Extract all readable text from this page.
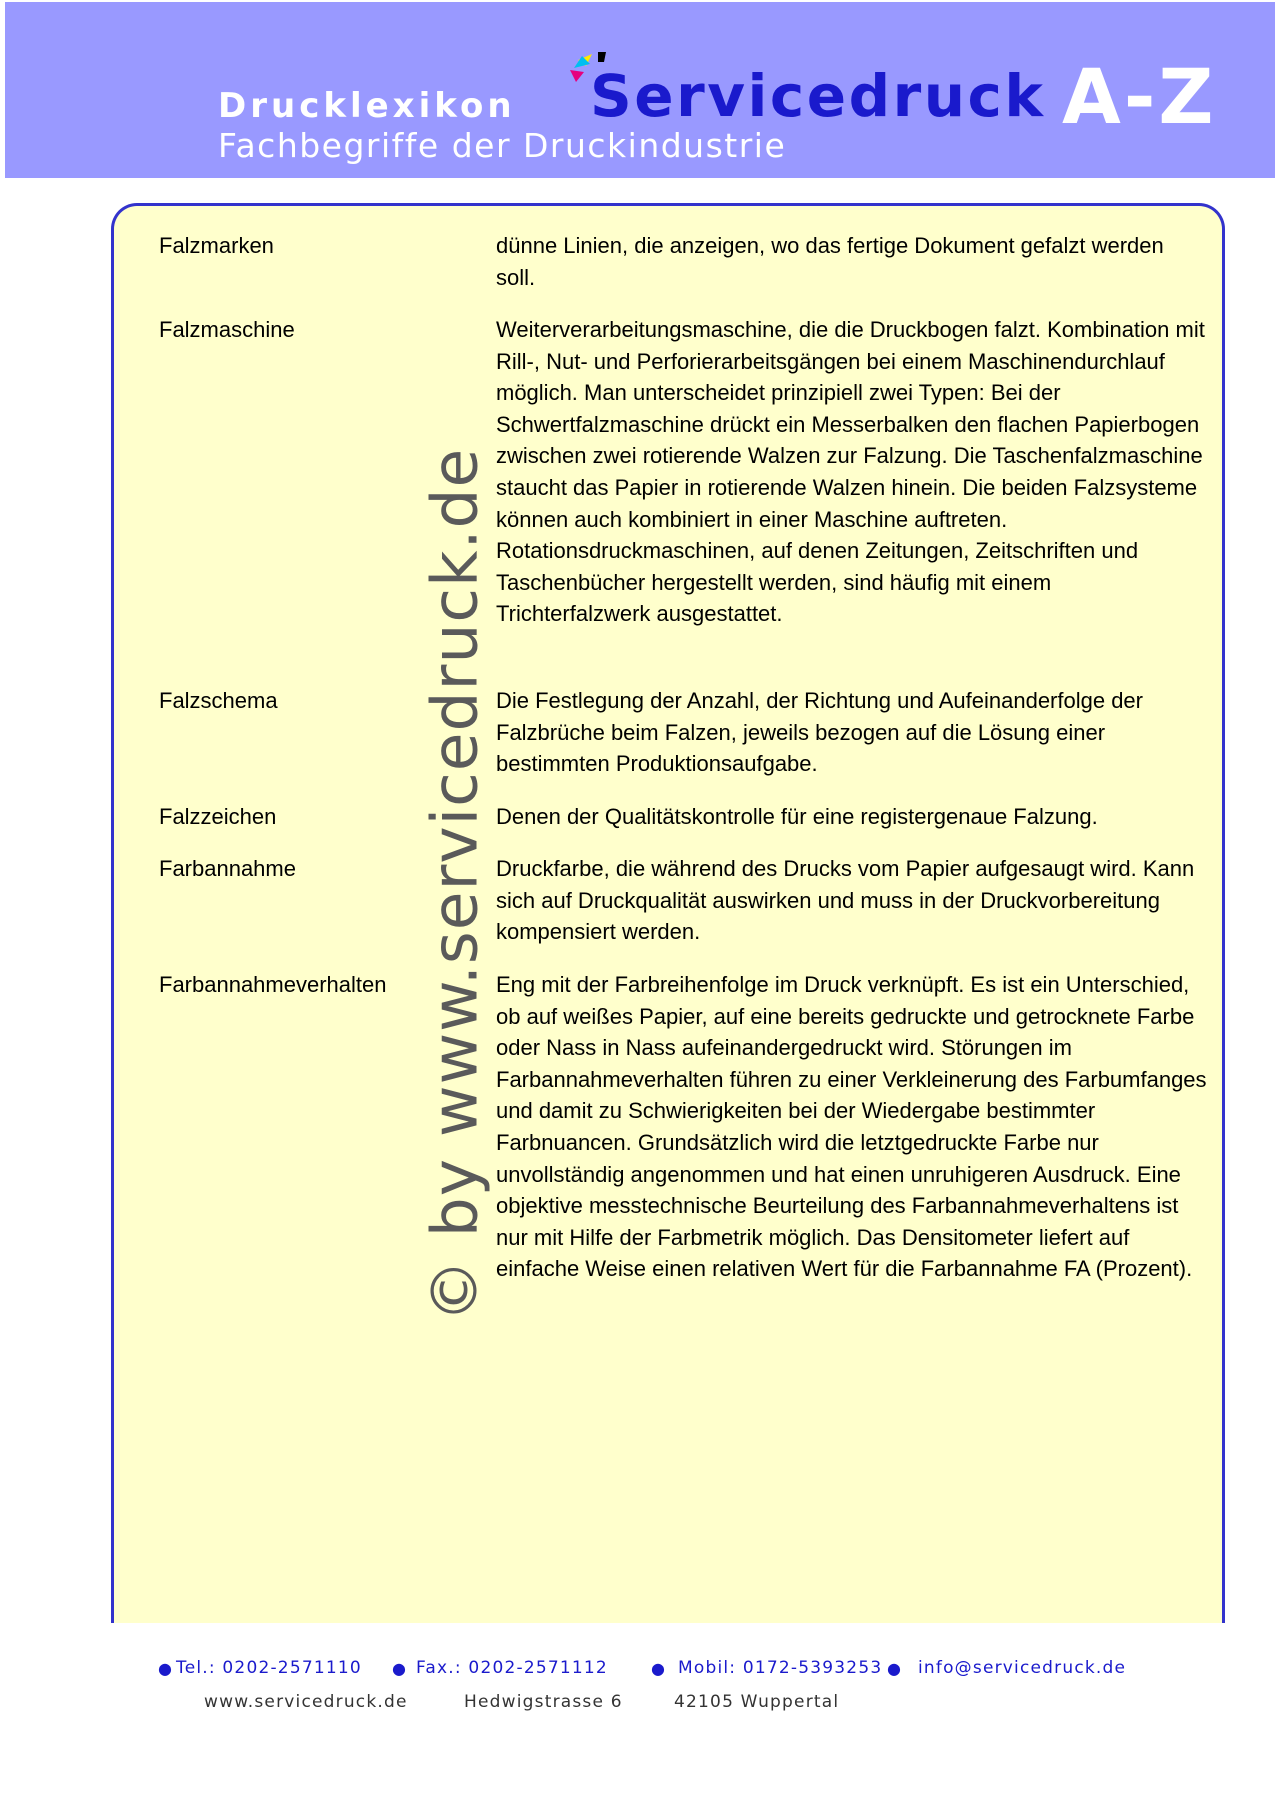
Drucklexikon
Fachbegriffe der Druckindustrie
Servicedruck A-Z
© by www.servicedruck.de
Falzmarken	dünne Linien, die anzeigen, wo das fertige Dokument gefalzt werden soll.
Falzmaschine	Weiterverarbeitungsmaschine, die die Druckbogen falzt. Kombination mit Rill-, Nut- und Perforierarbeitsgängen bei einem Maschinendurchlauf möglich. Man unterscheidet prinzipiell zwei Typen: Bei der Schwertfalzmaschine drückt ein Messerbalken den flachen Papierbogen zwischen zwei rotierende Walzen zur Falzung. Die Taschenfalzmaschine staucht das Papier in rotierende Walzen hinein. Die beiden Falzsysteme können auch kombiniert in einer Maschine auftreten. Rotationsdruckmaschinen, auf denen Zeitungen, Zeitschriften und Taschenbücher hergestellt werden, sind häufig mit einem Trichterfalzwerk ausgestattet.
Falzschema	Die Festlegung der Anzahl, der Richtung und Aufeinanderfolge der Falzbrüche beim Falzen, jeweils bezogen auf die Lösung einer bestimmten Produktionsaufgabe.
Falzzeichen	Denen der Qualitätskontrolle für eine registergenaue Falzung.
Farbannahme	Druckfarbe, die während des Drucks vom Papier aufgesaugt wird. Kann sich auf Druckqualität auswirken und muss in der Druckvorbereitung kompensiert werden.
Farbannahmeverhalten	Eng mit der Farbreihenfolge im Druck verknüpft. Es ist ein Unterschied, ob auf weißes Papier, auf eine bereits gedruckte und getrocknete Farbe oder Nass in Nass aufeinandergedruckt wird. Störungen im Farbannahmeverhalten führen zu einer Verkleinerung des Farbumfanges und damit zu Schwierigkeiten bei der Wiedergabe bestimmter Farbnuancen. Grundsätzlich wird die letztgedruckte Farbe nur unvollständig angenommen und hat einen unruhigeren Ausdruck. Eine objektive messtechnische Beurteilung des Farbannahmeverhaltens ist nur mit Hilfe der Farbmetrik möglich. Das Densitometer liefert auf einfache Weise einen relativen Wert für die Farbannahme FA (Prozent).
● Tel.: 0202-2571110 ● Fax.: 0202-2571112	● Mobil: 0172-5393253 ● info@servicedruck.de
www.servicedruck.de	Hedwigstrasse 6	42105 Wuppertal
